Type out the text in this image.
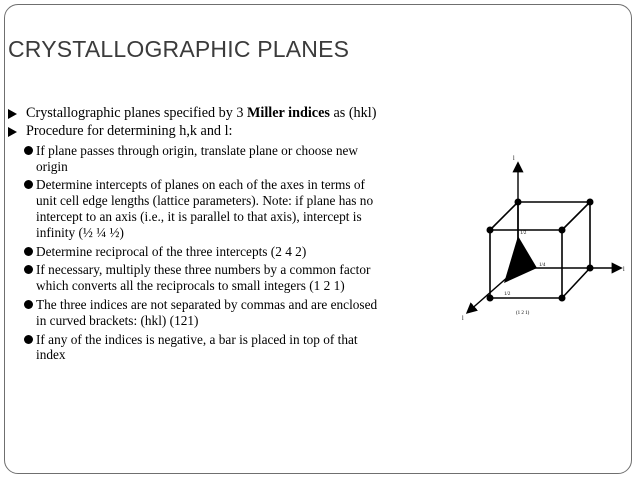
CRYSTALLOGRAPHIC PLANES
Crystallographic planes specified by 3 Miller indices as (hkl)
Procedure for determining h,k and l:
If plane passes through origin, translate plane or choose new origin
Determine intercepts of planes on each of the axes in terms of unit cell edge lengths (lattice parameters). Note: if plane has no intercept to an axis (i.e., it is parallel to that axis), intercept is infinity (½ ¼ ½)
Determine reciprocal of the three intercepts (2 4 2)
If necessary, multiply these three numbers by a common factor which converts all the reciprocals to small integers (1 2 1)
The three indices are not separated by commas and are enclosed in curved brackets: (hkl) (121)
If any of the indices is negative, a bar is placed in top of that index
l
l
l
1/2
1/4
1/2
(1 2 1)
